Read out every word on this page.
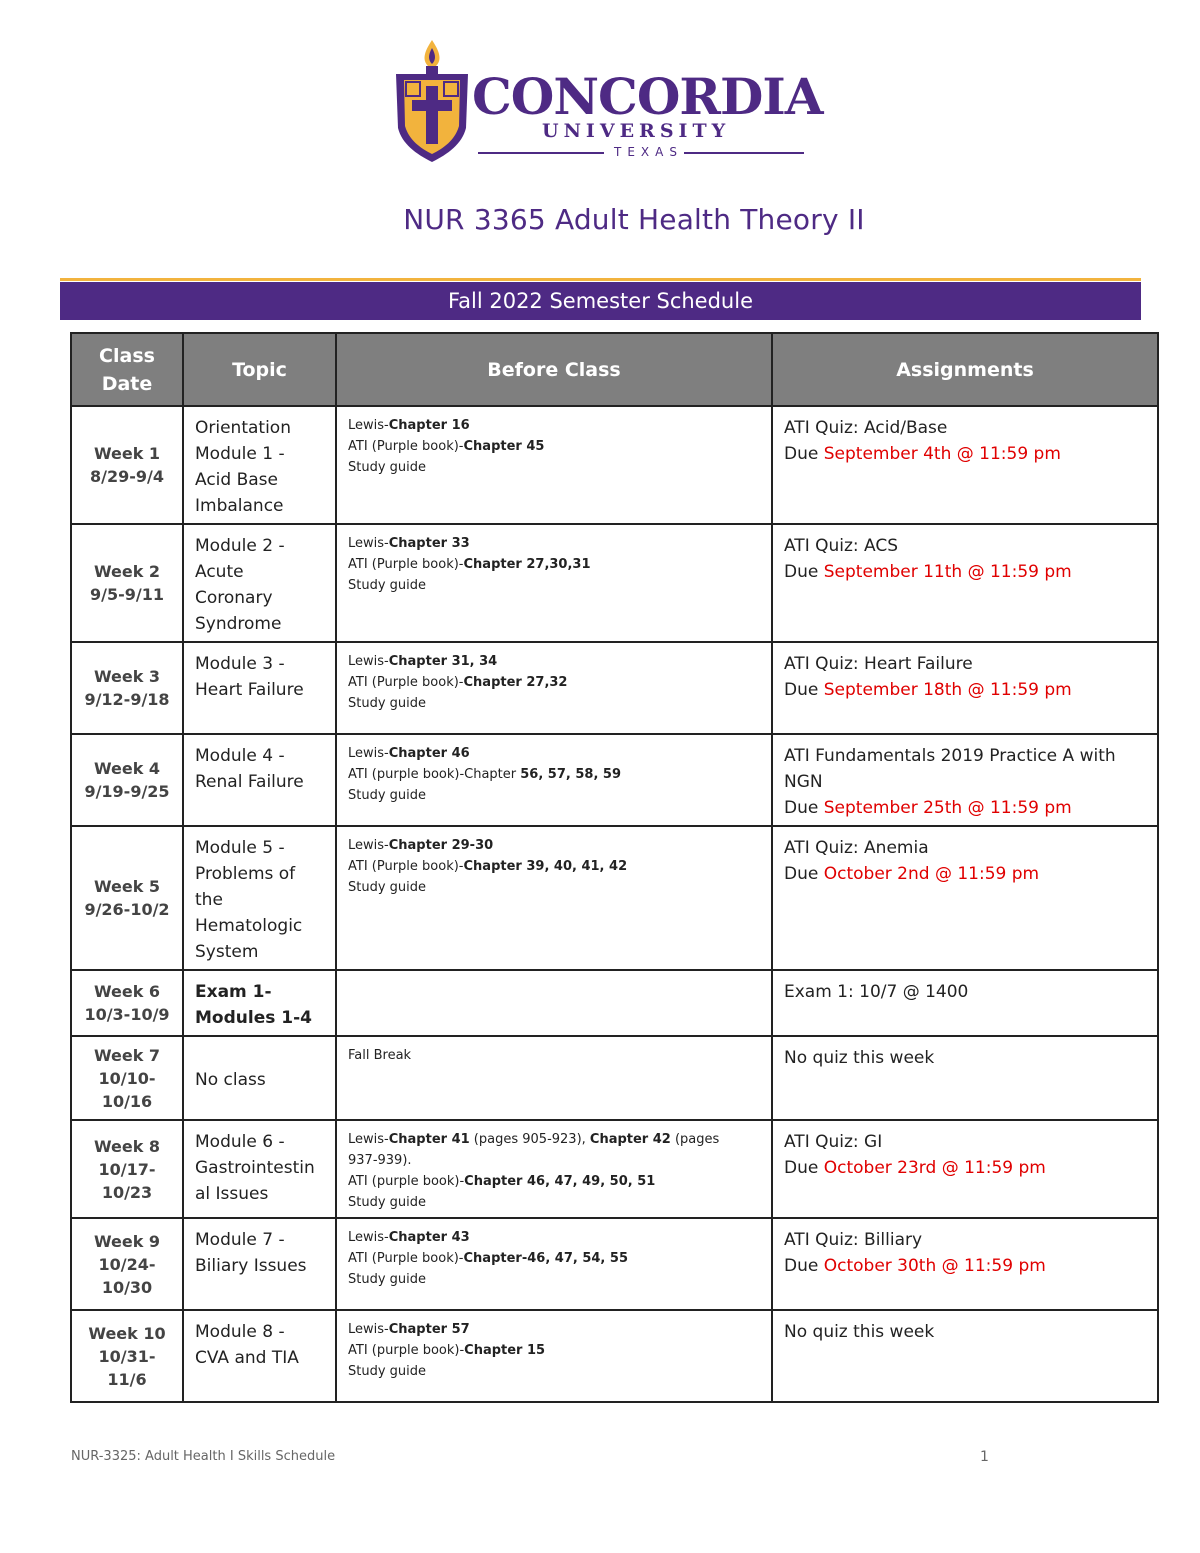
CONCORDIA
UNIVERSITY
TEXAS
NUR 3365 Adult Health Theory II
Fall 2022 Semester Schedule
Class
Date	Topic	Before Class	Assignments

Week 1
8/29-9/4	Orientation
Module 1 -
Acid Base
Imbalance	Lewis-Chapter 16
ATI (Purple book)-Chapter 45
Study guide	ATI Quiz: Acid/Base
Due September 4th @ 11:59 pm

Week 2
9/5-9/11	Module 2 -
Acute
Coronary
Syndrome	Lewis-Chapter 33
ATI (Purple book)-Chapter 27,30,31
Study guide	ATI Quiz: ACS
Due September 11th @ 11:59 pm

Week 3
9/12-9/18	Module 3 -
Heart Failure	Lewis-Chapter 31, 34
ATI (Purple book)-Chapter 27,32
Study guide	ATI Quiz: Heart Failure
Due September 18th @ 11:59 pm

Week 4
9/19-9/25	Module 4 -
Renal Failure	Lewis-Chapter 46
ATI (purple book)-Chapter 56, 57, 58, 59
Study guide	ATI Fundamentals 2019 Practice A with NGN
Due September 25th @ 11:59 pm

Week 5
9/26-10/2	Module 5 -
Problems of
the
Hematologic
System	Lewis-Chapter 29-30
ATI (Purple book)-Chapter 39, 40, 41, 42
Study guide	ATI Quiz: Anemia
Due October 2nd @ 11:59 pm

Week 6
10/3-10/9	Exam 1-
Modules 1-4		Exam 1: 10/7 @ 1400

Week 7
10/10-
10/16	No class	Fall Break	No quiz this week

Week 8
10/17-
10/23	Module 6 -
Gastrointestin
al Issues	Lewis-Chapter 41 (pages 905-923), Chapter 42 (pages
937-939).
ATI (purple book)-Chapter 46, 47, 49, 50, 51
Study guide	ATI Quiz: GI
Due October 23rd @ 11:59 pm

Week 9
10/24-
10/30	Module 7 -
Biliary Issues	Lewis-Chapter 43
ATI (Purple book)-Chapter-46, 47, 54, 55
Study guide	ATI Quiz: Billiary
Due October 30th @ 11:59 pm

Week 10
10/31-
11/6	Module 8 -
CVA and TIA	Lewis-Chapter 57
ATI (purple book)-Chapter 15
Study guide	No quiz this week
NUR-3325: Adult Health I Skills Schedule	1
